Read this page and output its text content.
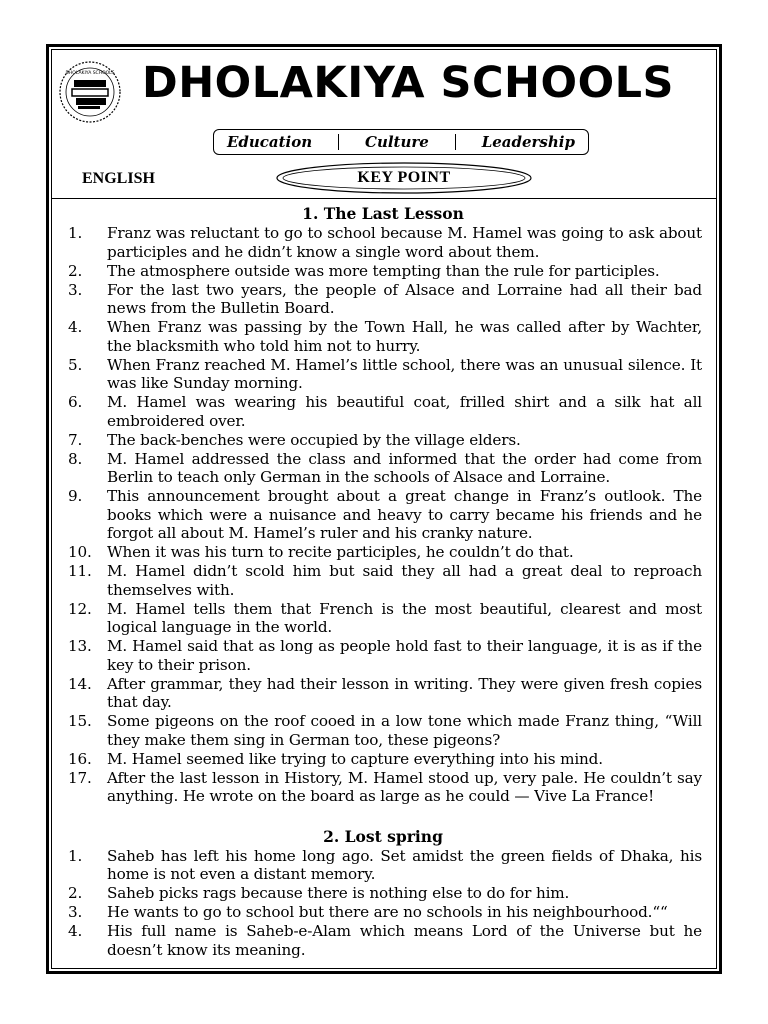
DHOLAKIYA SCHOOLS DHOLAKIYA SCHOOLS
Education	Culture	Leadership
ENGLISH	KEY POINT
1. The Last Lesson
1. Franz was reluctant to go to school because M. Hamel was going to ask about participles and he didn’t know a single word about them.
2. The atmosphere outside was more tempting than the rule for participles.
3. For the last two years, the people of Alsace and Lorraine had all their bad news from the Bulletin Board.
4. When Franz was passing by the Town Hall, he was called after by Wachter, the blacksmith who told him not to hurry.
5. When Franz reached M. Hamel’s little school, there was an unusual silence. It was like Sunday morning.
6. M. Hamel was wearing his beautiful coat, frilled shirt and a silk hat all embroidered over.
7. The back-benches were occupied by the village elders.
8. M. Hamel addressed the class and informed that the order had come from Berlin to teach only German in the schools of Alsace and Lorraine.
9. This announcement brought about a great change in Franz’s outlook. The books which were a nuisance and heavy to carry became his friends and he forgot all about M. Hamel’s ruler and his cranky nature.
10. When it was his turn to recite participles, he couldn’t do that.
11. M. Hamel didn’t scold him but said they all had a great deal to reproach themselves with.
12. M. Hamel tells them that French is the most beautiful, clearest and most logical language in the world.
13. M. Hamel said that as long as people hold fast to their language, it is as if the key to their prison.
14. After grammar, they had their lesson in writing. They were given fresh copies that day.
15. Some pigeons on the roof cooed in a low tone which made Franz thing, “Will they make them sing in German too, these pigeons?
16. M. Hamel seemed like trying to capture everything into his mind.
17. After the last lesson in History, M. Hamel stood up, very pale. He couldn’t say anything. He wrote on the board as large as he could — Vive La France!
2. Lost spring
1. Saheb has left his home long ago. Set amidst the green fields of Dhaka, his home is not even a distant memory.
2. Saheb picks rags because there is nothing else to do for him.
3. He wants to go to school but there are no schools in his neighbourhood.““
4. His full name is Saheb-e-Alam which means Lord of the Universe but he doesn’t know its meaning.
